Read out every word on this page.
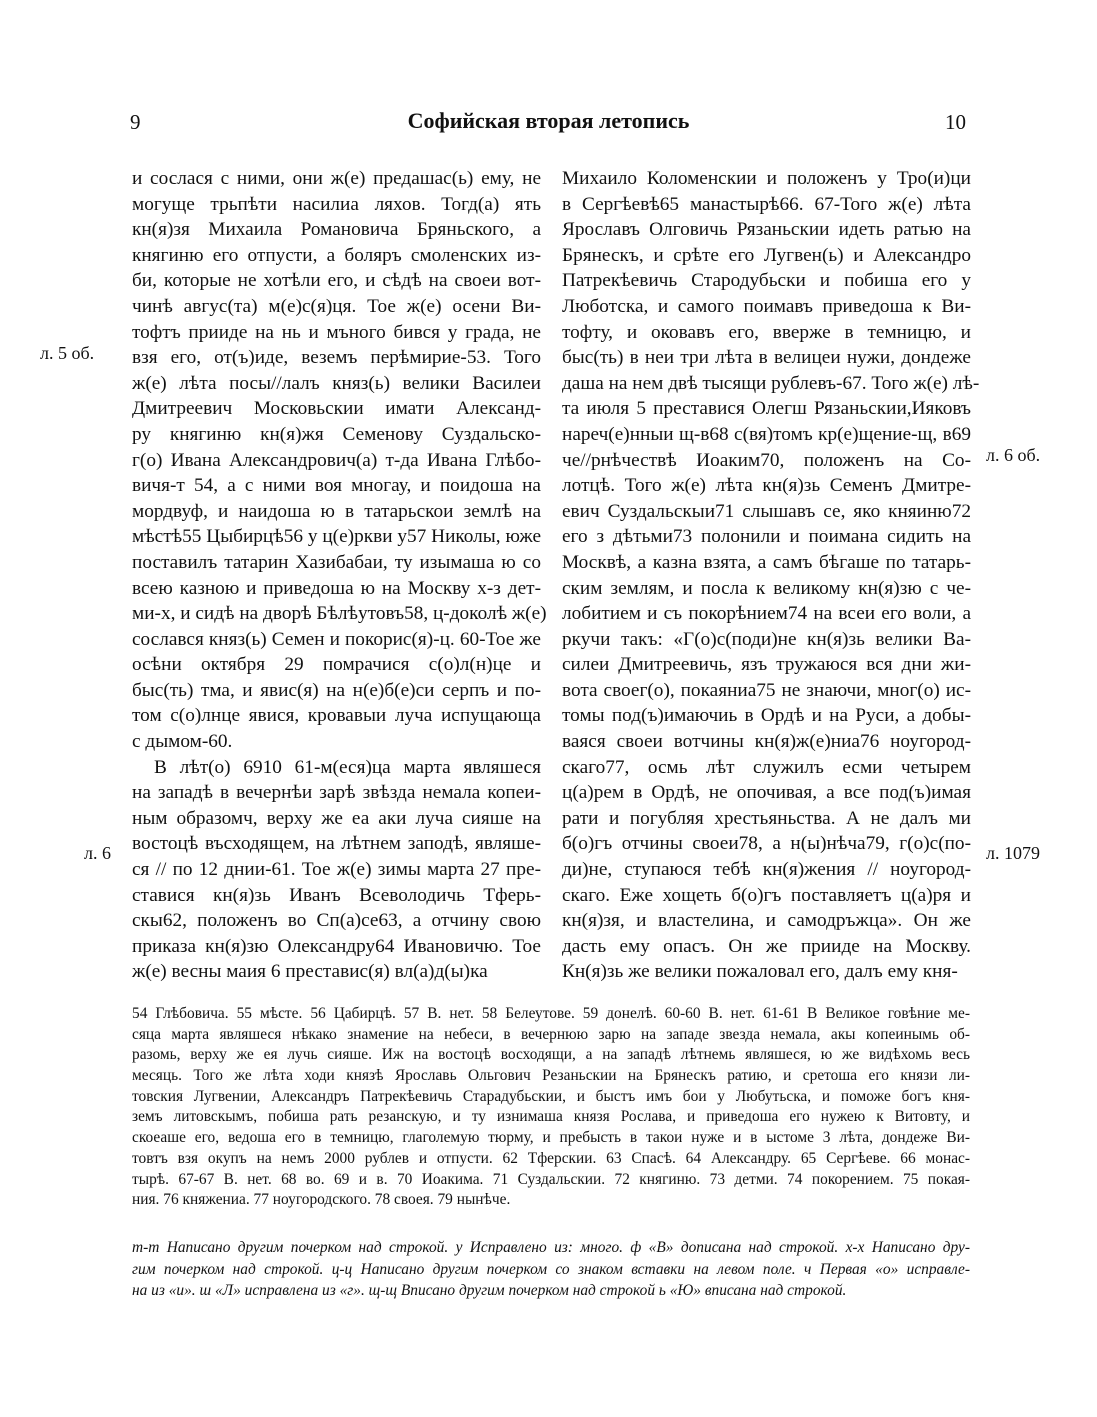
9	Софийская вторая летопись	10
и сослася с ними, они ж(е) предашас(ь) ему, не
могуще трьпѣти насилиа ляхов. Тогд(а) ять
кн(я)зя Михаила Романовича Бряньского, а
княгиню его отпусти, а боляръ смоленских из-
би, которые не хотѣли его, и сѣдѣ на своеи вот-
чинѣ авгус(та) м(е)с(я)ця. Тое ж(е) осени Ви-
тофтъ прииде на нь и мъного бився у града, не
взя его, от(ъ)иде, веземъ перѣмирие-53. Того
ж(е) лѣта посы//лалъ княз(ь) велики Василеи
Дмитреевич Московьскии имати Александ-
ру княгиню кн(я)жя Семенову Суздальско-
г(о) Ивана Александрович(а) т-да Ивана Глѣбо-
вичя-т 54, а с ними воя многау, и поидоша на
мордвуф, и наидоша ю в татарьскои землѣ на
мѣстѣ55 Цыбирцѣ56 у ц(е)ркви у57 Николы, юже
поставилъ татарин Хазибабаи, ту изымаша ю со
всею казною и приведоша ю на Москву х-з дет-
ми-х, и сидѣ на дворѣ Бѣлѣутовъ58, ц-доколѣ ж(е)
сослався княз(ь) Семен и покорис(я)-ц. 60-Тое же
осѣни октября 29 помрачися с(о)л(н)це и
быс(ть) тма, и явис(я) на н(е)б(е)си серпъ и по-
том с(о)лнце явися, кровавыи луча испущающа
с дымом-60.
В лѣт(о) 6910 61-м(еся)ца марта являшеся
на западѣ в вечернѣи зарѣ звѣзда немала копеи-
ным образомч, верху же еа аки луча сияше на
востоцѣ въсходящем, на лѣтнем заподѣ, являше-
ся // по 12 днии-61. Тое ж(е) зимы марта 27 пре-
ставися кн(я)зь Иванъ Всеволодичь Тферь-
скы62, положенъ во Сп(а)се63, а отчину свою
приказа кн(я)зю Олександру64 Ивановичю. Тое
ж(е) весны маия 6 преставис(я) вл(а)д(ы)ка
Михаило Коломенскии и положенъ у Тро(и)ци
в Сергѣевѣ65 манастырѣ66. 67-Того ж(е) лѣта
Ярославъ Олговичь Рязаньскии идеть ратью на
Брянескъ, и срѣте его Лугвен(ь) и Александро
Патрекѣевичь Стародубьски и побиша его у
Люботска, и самого поимавъ приведоша к Ви-
тофту, и оковавъ его, вверже в темницю, и
быс(ть) в неи три лѣта в велицеи нужи, дондеже
даша на нем двѣ тысящи рублевъ-67. Того ж(е) лѣ-
та июля 5 преставися Олегш Рязаньскии,Ияковъ
нареч(е)нныи щ-в68 с(вя)томъ кр(е)щение-щ, в69
че//рнѣчествѣ Иоаким70, положенъ на Со-
лотцѣ. Того ж(е) лѣта кн(я)зь Семенъ Дмитре-
евич Суздальскыи71 слышавъ се, яко княиню72
его з дѣтьми73 полонили и поимана сидить на
Москвѣ, а казна взята, а самъ бѣгаше по татарь-
ским землям, и посла к великому кн(я)зю с че-
лобитием и съ покорѣнием74 на всеи его воли, а
ркучи такъ: «Г(о)с(поди)не кн(я)зь велики Ва-
силеи Дмитреевичь, язъ тружаюся вся дни жи-
вота своег(о), покаяниа75 не знаючи, мног(о) ис-
томы под(ъ)имаючиь в Ордѣ и на Руси, а добы-
ваяся своеи вотчины кн(я)ж(е)ниа76 ноугород-
скаго77, осмь лѣт служилъ есми четырем
ц(а)рем в Ордѣ, не опочивая, а все под(ъ)имая
рати и погубляя хрестьяньства. А не далъ ми
б(о)гъ отчины своеи78, а н(ы)нѣча79, г(о)с(по-
ди)не, ступаюся тебѣ кн(я)жения // ноугород-
скаго. Еже хощеть б(о)гъ поставляетъ ц(а)ря и
кн(я)зя, и властелина, и самодръжца». Он же
дасть ему опасъ. Он же прииде на Москву.
Кн(я)зь же велики пожаловал его, далъ ему кня-
л. 5 об.
л. 6
л. 6 об.
л. 1079
54 Глѣбовича. 55 мѣсте. 56 Цабирцѣ. 57 В. нет. 58 Белеутове. 59 донелѣ. 60-60 В. нет. 61-61 В Великое говѣние ме-
сяца марта являшеся нѣкако знамение на небеси, в вечернюю зарю на западе звезда немала, акы копеинымь об-
разомь, верху же ея лучь сияше. Иж на востоцѣ восходящи, а на западѣ лѣтнемь являшеся, ю же видѣхомь весь
месяць. Того же лѣта ходи князѣ Ярославь Ольгович Резаньскии на Брянескъ ратию, и сретоша его князи ли-
товския Лугвении, Александръ Патрекѣевичь Старадубьскии, и быстъ имъ бои у Любутьска, и поможе богъ кня-
земъ литовскымъ, побиша рать резанскую, и ту изнимаша князя Рослава, и приведоша его нужею к Витовту, и
скоеаше его, ведоша его в темницю, глаголемую тюрму, и пребысть в такои нуже и в ыстоме 3 лѣта, дондеже Ви-
товтъ взя окупъ на немъ 2000 рублев и отпусти. 62 Тферскии. 63 Спасѣ. 64 Александру. 65 Сергѣеве. 66 монас-
тырѣ. 67-67 В. нет. 68 во. 69 и в. 70 Иоакима. 71 Суздальскии. 72 княгиню. 73 детми. 74 покорением. 75 покая-
ния. 76 княжениа. 77 ноугородского. 78 своея. 79 нынѣче.
т-т Написано другим почерком над строкой. у Исправлено из: много. ф «В» дописана над строкой. х-х Написано дру-
гим почерком над строкой. ц-ц Написано другим почерком со знаком вставки на левом поле. ч Первая «о» исправле-
на из «и». ш «Л» исправлена из «г». щ-щ Вписано другим почерком над строкой ь «Ю» вписана над строкой.
